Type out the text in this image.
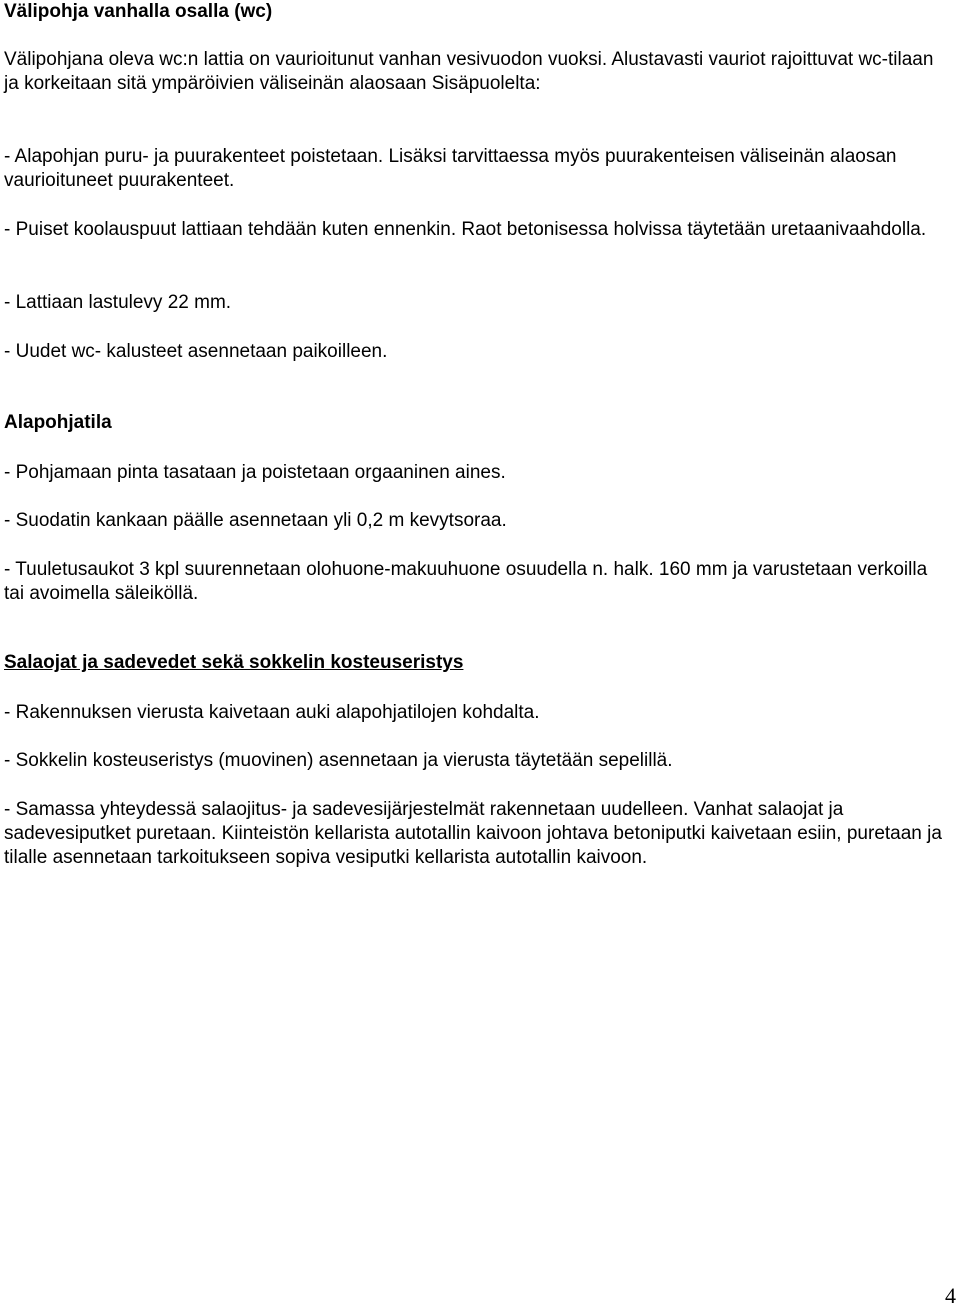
Välipohja vanhalla osalla (wc)

Välipohjana oleva wc:n lattia on vaurioitunut vanhan vesivuodon vuoksi. Alustavasti vauriot rajoittuvat wc-tilaan ja korkeitaan sitä ympäröivien väliseinän alaosaan Sisäpuolelta:

- Alapohjan puru- ja puurakenteet poistetaan. Lisäksi tarvittaessa myös puurakenteisen väliseinän alaosan vaurioituneet puurakenteet.

- Puiset koolauspuut lattiaan tehdään kuten ennenkin. Raot betonisessa holvissa täytetään uretaanivaahdolla.

- Lattiaan lastulevy 22 mm.

- Uudet wc- kalusteet asennetaan paikoilleen.

Alapohjatila

- Pohjamaan pinta tasataan ja poistetaan orgaaninen aines.

- Suodatin kankaan päälle asennetaan yli 0,2 m kevytsoraa.

- Tuuletusaukot 3 kpl suurennetaan olohuone-makuuhuone osuudella n. halk. 160 mm ja varustetaan verkoilla tai avoimella säleiköllä.

Salaojat ja sadevedet sekä sokkelin kosteuseristys

- Rakennuksen vierusta kaivetaan auki alapohjatilojen kohdalta.

- Sokkelin kosteuseristys (muovinen) asennetaan ja vierusta täytetään sepelillä.

- Samassa yhteydessä salaojitus- ja sadevesijärjestelmät rakennetaan uudelleen. Vanhat salaojat ja sadevesiputket puretaan. Kiinteistön kellarista autotallin kaivoon johtava betoniputki kaivetaan esiin, puretaan ja tilalle asennetaan tarkoitukseen sopiva vesiputki kellarista autotallin kaivoon.

4
